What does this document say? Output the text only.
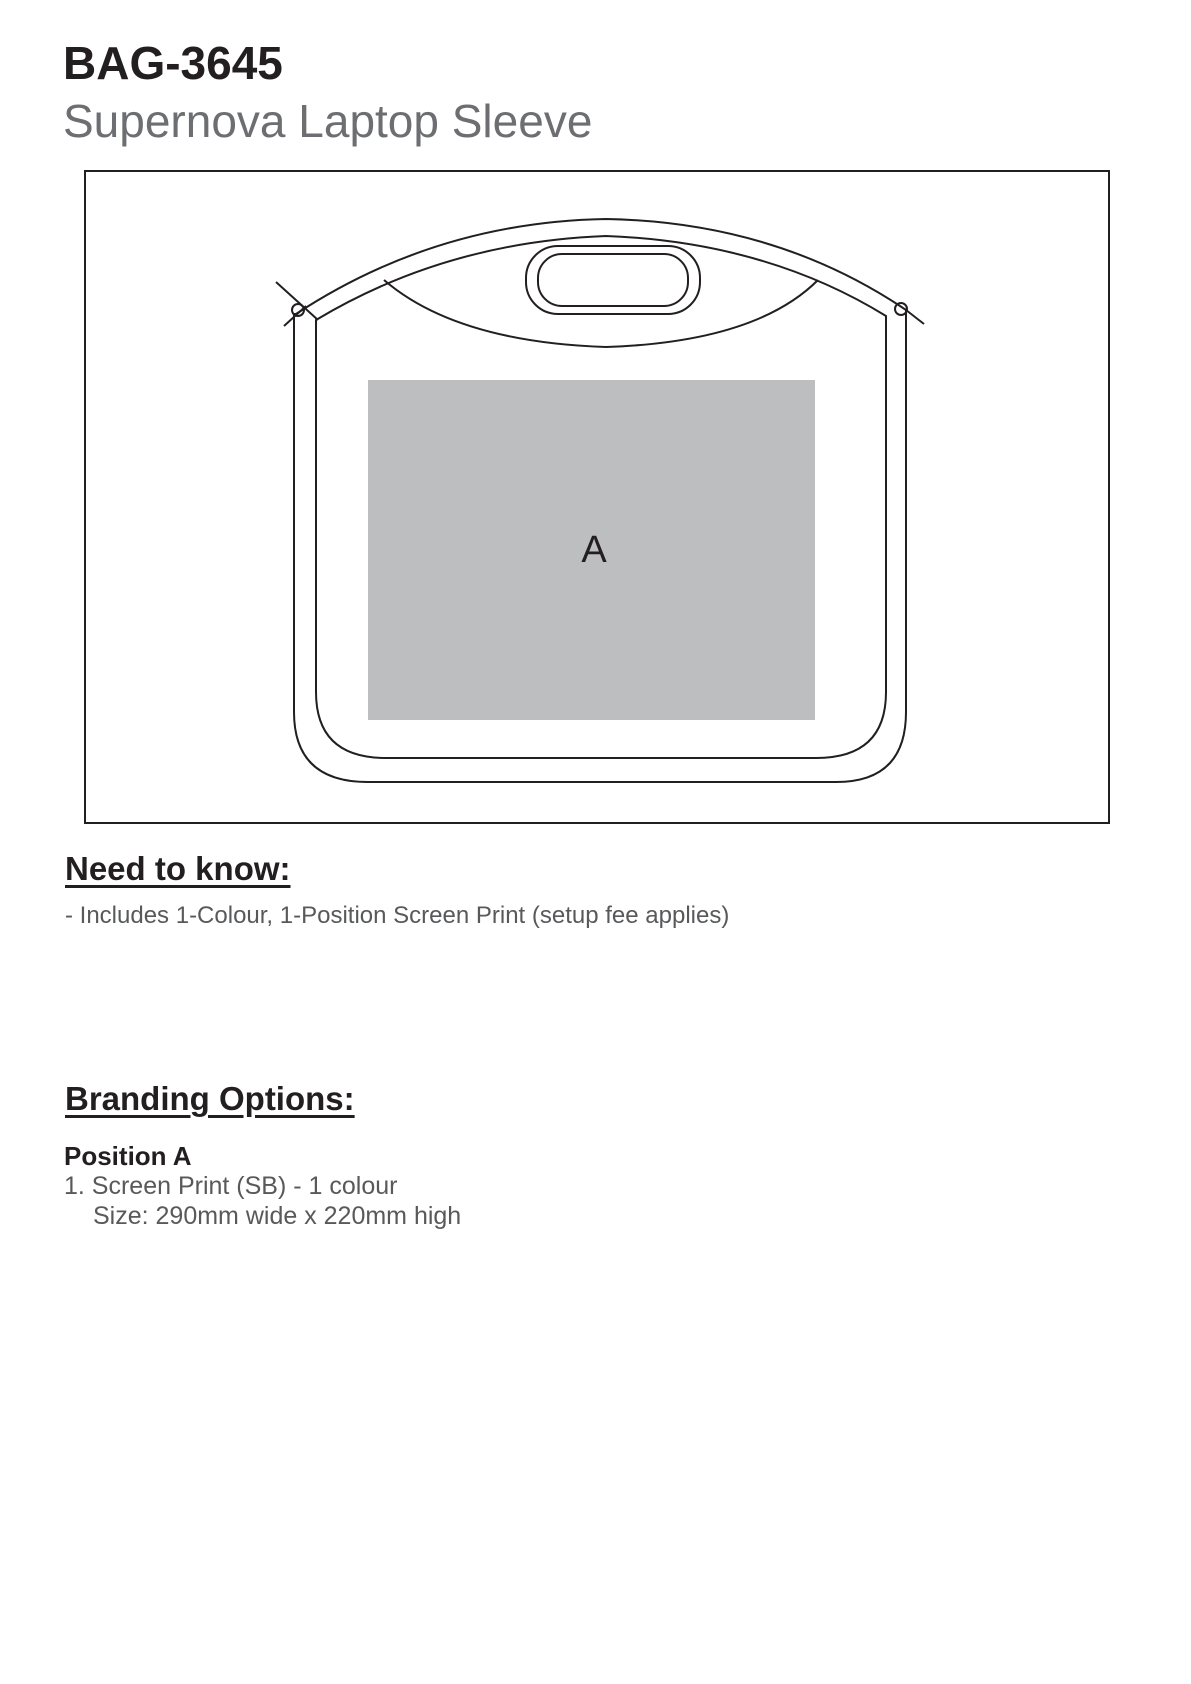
BAG-3645
Supernova Laptop Sleeve
A
Need to know:
- Includes 1-Colour, 1-Position Screen Print (setup fee applies)
Branding Options:
Position A
1. Screen Print (SB) - 1 colour
Size: 290mm wide x 220mm high
